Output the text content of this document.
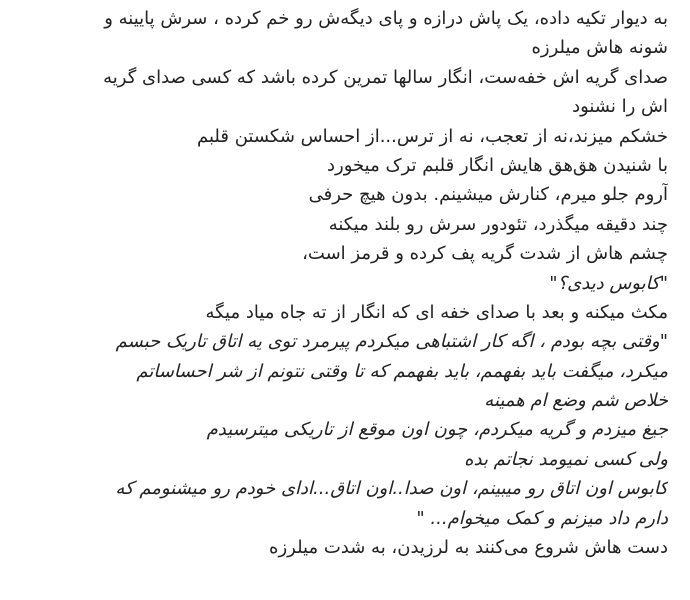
به دیوار تکیه داده، یک پاش درازه و پای دیگه‌ش رو خم کرده ، سرش پایینه و
شونه هاش میلرزه
صدای گریه اش خفه‌ست، انگار سالها تمرین کرده باشد که کسی صدای گریه
اش را نشنود
خشکم میزند،نه از تعجب، نه از ترس...از احساس شکستن قلبم
با شنیدن هق‌هق هایش انگار قلبم ترک میخورد
آروم جلو میرم، کنارش میشینم. بدون هیچ حرفی
چند دقیقه میگذرد، تئودور سرش رو بلند میکنه
چشم هاش از شدت گریه پف کرده و قرمز است،
"کابوس دیدی؟"
مکث میکنه و بعد با صدای خفه ای که انگار از ته جاه میاد میگه
"وقتی بچه بودم ، اگه کار اشتباهی میکردم پیرمرد توی یه اتاق تاریک حبسم
میکرد، میگفت باید بفهمم، باید بفهمم که تا وقتی نتونم از شر احساساتم
خلاص شم وضع ام همینه
جیغ میزدم و گریه میکردم، چون اون موقع از تاریکی میترسیدم
ولی کسی نمیومد نجاتم بده
کابوس اون اتاق رو میبینم، اون صدا..اون اتاق...ادای خودم رو میشنومم که
دارم داد میزنم و کمک میخوام... "
دست هاش شروع می‌کنند به لرزیدن، به شدت میلرزه
